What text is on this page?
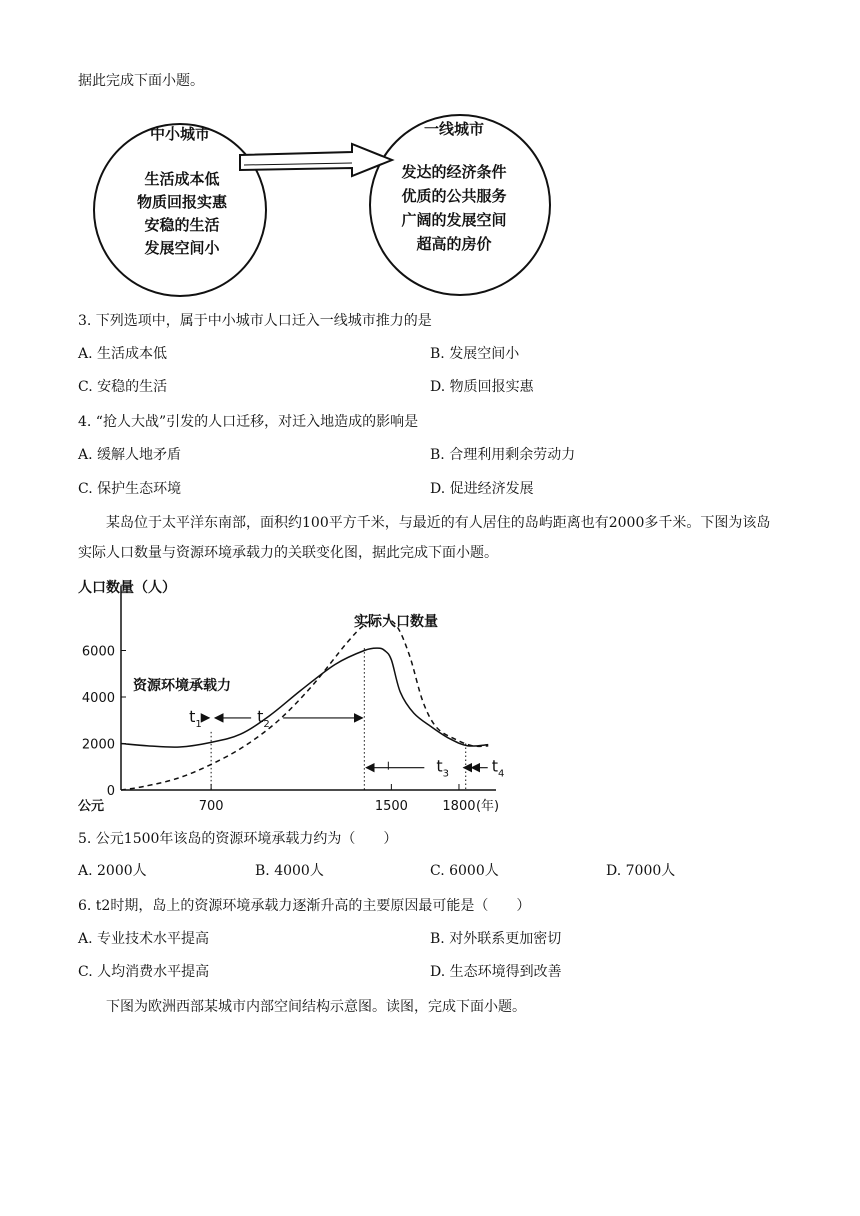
据此完成下面小题。
中小城市
生活成本低
物质回报实惠
安稳的生活
发展空间小
一线城市
发达的经济条件
优质的公共服务
广阔的发展空间
超高的房价
3. 下列选项中，属于中小城市人口迁入一线城市推力的是
A. 生活成本低	B. 发展空间小
C. 安稳的生活	D. 物质回报实惠
4. “抢人大战”引发的人口迁移，对迁入地造成的影响是
A. 缓解人地矛盾	B. 合理利用剩余劳动力
C. 保护生态环境	D. 促进经济发展
某岛位于太平洋东南部，面积约100平方千米，与最近的有人居住的岛屿距离也有2000多千米。下图为该岛实际人口数量与资源环境承载力的关联变化图，据此完成下面小题。
人口数量（人）
0
2000
4000
6000
公元	700	1500	1800 (年)
资源环境承载力
实际人口数量
$t_1$	$t_2$
$t_3$	$t_4$
5. 公元1500年该岛的资源环境承载力约为（　　）
A. 2000人	B. 4000人	C. 6000人	D. 7000人
6. t2时期，岛上的资源环境承载力逐渐升高的主要原因最可能是（　　）
A. 专业技术水平提高	B. 对外联系更加密切
C. 人均消费水平提高	D. 生态环境得到改善
下图为欧洲西部某城市内部空间结构示意图。读图，完成下面小题。
